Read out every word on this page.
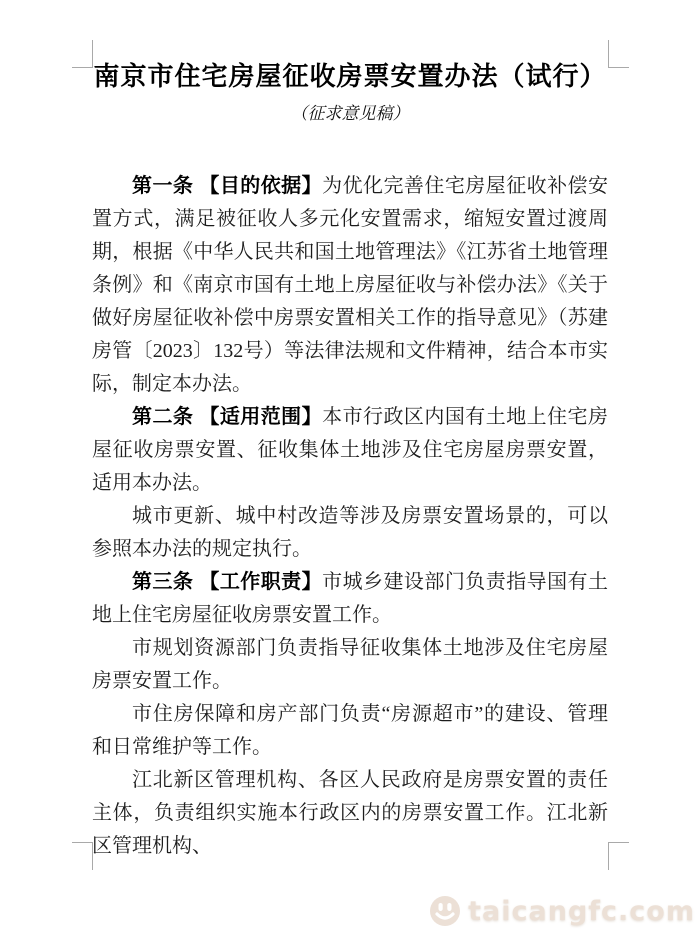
南京市住宅房屋征收房票安置办法（试行）
（征求意见稿）

第一条 【目的依据】为优化完善住宅房屋征收补偿安置方式，满足被征收人多元化安置需求，缩短安置过渡周期，根据《中华人民共和国土地管理法》《江苏省土地管理条例》和《南京市国有土地上房屋征收与补偿办法》《关于做好房屋征收补偿中房票安置相关工作的指导意见》（苏建房管〔2023〕132号）等法律法规和文件精神，结合本市实际，制定本办法。

第二条 【适用范围】本市行政区内国有土地上住宅房屋征收房票安置、征收集体土地涉及住宅房屋房票安置，适用本办法。

城市更新、城中村改造等涉及房票安置场景的，可以参照本办法的规定执行。

第三条 【工作职责】市城乡建设部门负责指导国有土地上住宅房屋征收房票安置工作。

市规划资源部门负责指导征收集体土地涉及住宅房屋房票安置工作。

市住房保障和房产部门负责“房源超市”的建设、管理和日常维护等工作。

江北新区管理机构、各区人民政府是房票安置的责任主体，负责组织实施本行政区内的房票安置工作。江北新区管理机构、

taicangfc.com
